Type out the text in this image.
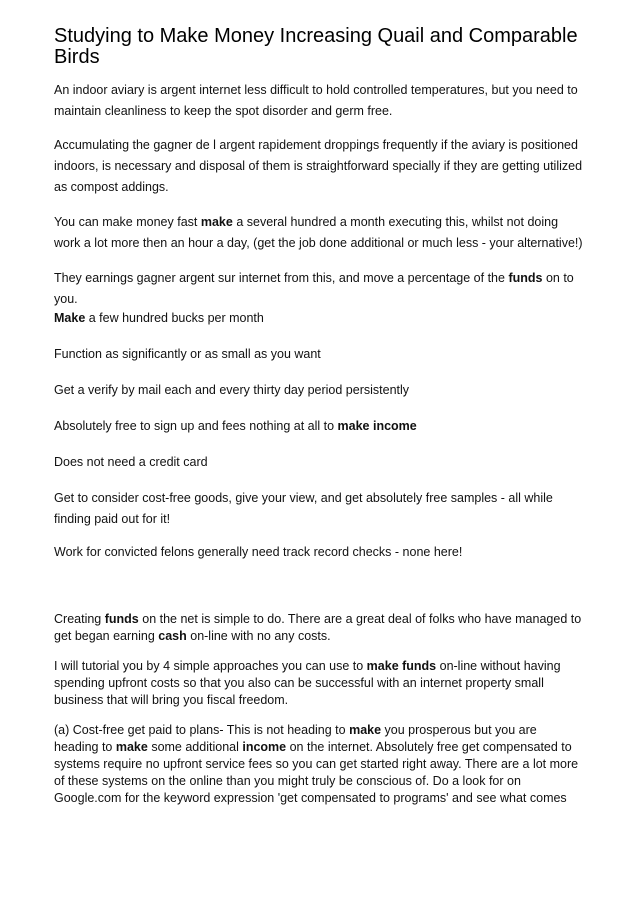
Studying to Make Money Increasing Quail and Comparable Birds

An indoor aviary is argent internet less difficult to hold controlled temperatures, but you need to maintain cleanliness to keep the spot disorder and germ free.

Accumulating the gagner de l argent rapidement droppings frequently if the aviary is positioned indoors, is necessary and disposal of them is straightforward specially if they are getting utilized as compost addings.

You can make money fast make a several hundred a month executing this, whilst not doing work a lot more then an hour a day, (get the job done additional or much less - your alternative!)

They earnings gagner argent sur internet from this, and move a percentage of the funds on to you.

Make a few hundred bucks per month

Function as significantly or as small as you want

Get a verify by mail each and every thirty day period persistently

Absolutely free to sign up and fees nothing at all to make income

Does not need a credit card

Get to consider cost-free goods, give your view, and get absolutely free samples - all while finding paid out for it!

Work for convicted felons generally need track record checks - none here!

Creating funds on the net is simple to do. There are a great deal of folks who have managed to get began earning cash on-line with no any costs.

I will tutorial you by 4 simple approaches you can use to make funds on-line without having spending upfront costs so that you also can be successful with an internet property small business that will bring you fiscal freedom.

(a) Cost-free get paid to plans- This is not heading to make you prosperous but you are heading to make some additional income on the internet. Absolutely free get compensated to systems require no upfront service fees so you can get started right away. There are a lot more of these systems on the online than you might truly be conscious of. Do a look for on Google.com for the keyword expression 'get compensated to programs' and see what comes
